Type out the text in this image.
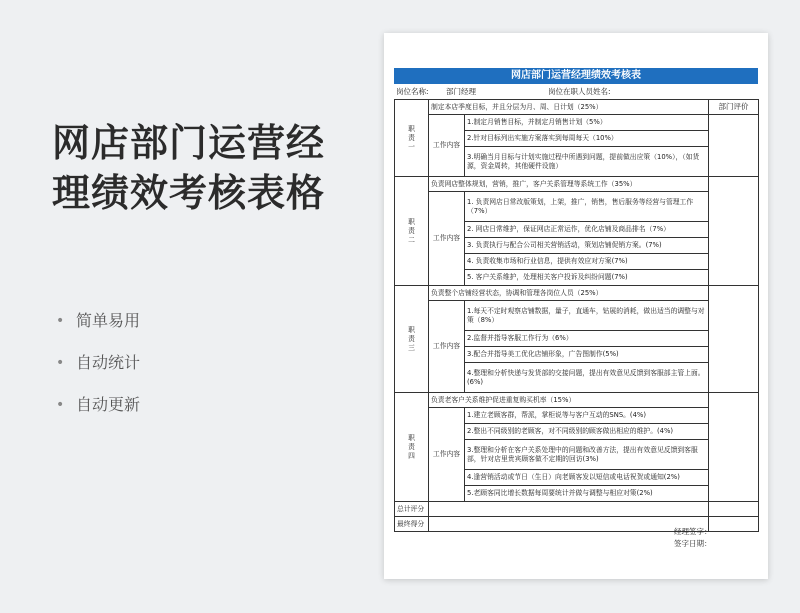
网店部门运营经
理绩效考核表格
• 简单易用
• 自动统计
• 自动更新
网店部门运营经理绩效考核表
岗位名称: 部门经理	岗位在职人员姓名:
职
责
一	制定本店季度目标，并且分层为月、周、日计划（25%）		部门评价

	工作内容	1.制定月销售目标，并制定月销售计划（5%）	
		2.针对目标列出实施方案落实到每周每天（10%）	
		3.明确当月目标与计划实施过程中所遇到问题，提前做出应策（10%），（如货源，资金周转，其他硬件设施）	

职
责
二	负责网店整体规划，营销，推广，客户关系管理等系统工作（35%）		
	工作内容	1. 负责网店日常改版策划，上架，推广，销售，售后服务等经营与管理工作（7%）	
		2. 网店日常维护，保证网店正常运作，优化店铺及商品排名（7%）	
		3. 负责执行与配合公司相关营销活动，策划店铺促销方案。(7%)	
		4. 负责收集市场和行业信息，提供有效应对方案(7%)	
		5. 客户关系维护，处理相关客户投诉及纠纷问题(7%)	

职
责
三	负责整个店铺经营状态，协调和管理各岗位人员（25%）		
	工作内容	1.每天不定时观察店铺数据，量子，直通车，钻展的消耗，做出适当的调整与对策（8%）	
		2.监督并指导客服工作行为（6%）	
		3.配合并指导美工优化店铺形象，广告图制作(5%)	
		4.整理和分析快递与发货部的交接问题，提出有效意见反馈到客服部主管上面。(6%)	

职
责
四	负责老客户关系维护促进重复购买机率（15%）		
	工作内容	1.建立老顾客群，帮派，掌柜说等与客户互动的SNS。(4%)	
		2.整出不同级别的老顾客，对不同级别的顾客做出相应的维护。(4%)	
		3.整理和分析在客户关系处理中的问题和改善方法，提出有效意见反馈到客服部，针对店里贵宾顾客做不定期的回访(3%)	
		4.逢营销活动或节日（生日）向老顾客发以短信或电话祝贺或通知(2%)	
		5.老顾客同比增长数据每周要统计并做与调整与相应对策(2%)	
总计评分			
最终得分			
经理签字：
签字日期：
